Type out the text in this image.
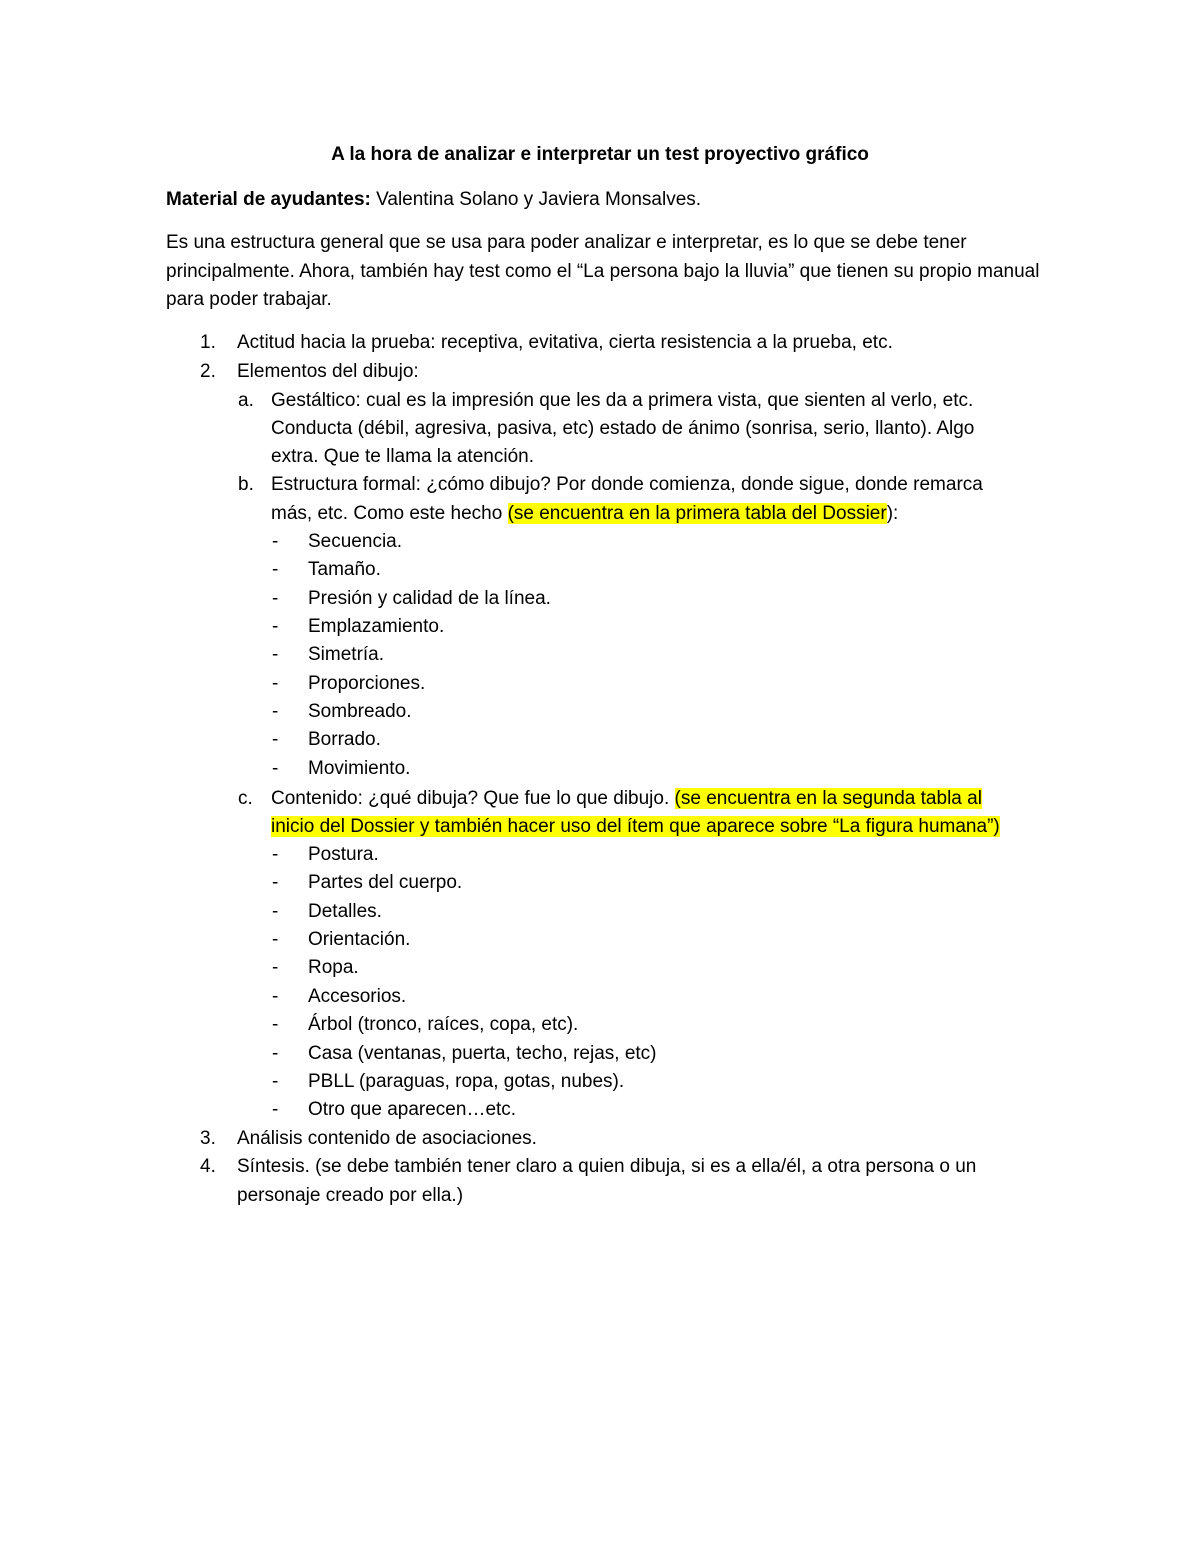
A la hora de analizar e interpretar un test proyectivo gráfico
Material de ayudantes: Valentina Solano y Javiera Monsalves.
Es una estructura general que se usa para poder analizar e interpretar, es lo que se debe tener principalmente. Ahora, también hay test como el “La persona bajo la lluvia” que tienen su propio manual para poder trabajar.
1. Actitud hacia la prueba: receptiva, evitativa, cierta resistencia a la prueba, etc.
2. Elementos del dibujo:
a. Gestáltico: cual es la impresión que les da a primera vista, que sienten al verlo, etc.
Conducta (débil, agresiva, pasiva, etc) estado de ánimo (sonrisa, serio, llanto). Algo
extra. Que te llama la atención.
b. Estructura formal: ¿cómo dibujo? Por donde comienza, donde sigue, donde remarca
más, etc. Como este hecho (se encuentra en la primera tabla del Dossier):
- Secuencia.
- Tamaño.
- Presión y calidad de la línea.
- Emplazamiento.
- Simetría.
- Proporciones.
- Sombreado.
- Borrado.
- Movimiento.
c. Contenido: ¿qué dibuja? Que fue lo que dibujo. (se encuentra en la segunda tabla al
inicio del Dossier y también hacer uso del ítem que aparece sobre “La figura humana”)
- Postura.
- Partes del cuerpo.
- Detalles.
- Orientación.
- Ropa.
- Accesorios.
- Árbol (tronco, raíces, copa, etc).
- Casa (ventanas, puerta, techo, rejas, etc)
- PBLL (paraguas, ropa, gotas, nubes).
- Otro que aparecen…etc.
3. Análisis contenido de asociaciones.
4. Síntesis. (se debe también tener claro a quien dibuja, si es a ella/él, a otra persona o un
personaje creado por ella.)
